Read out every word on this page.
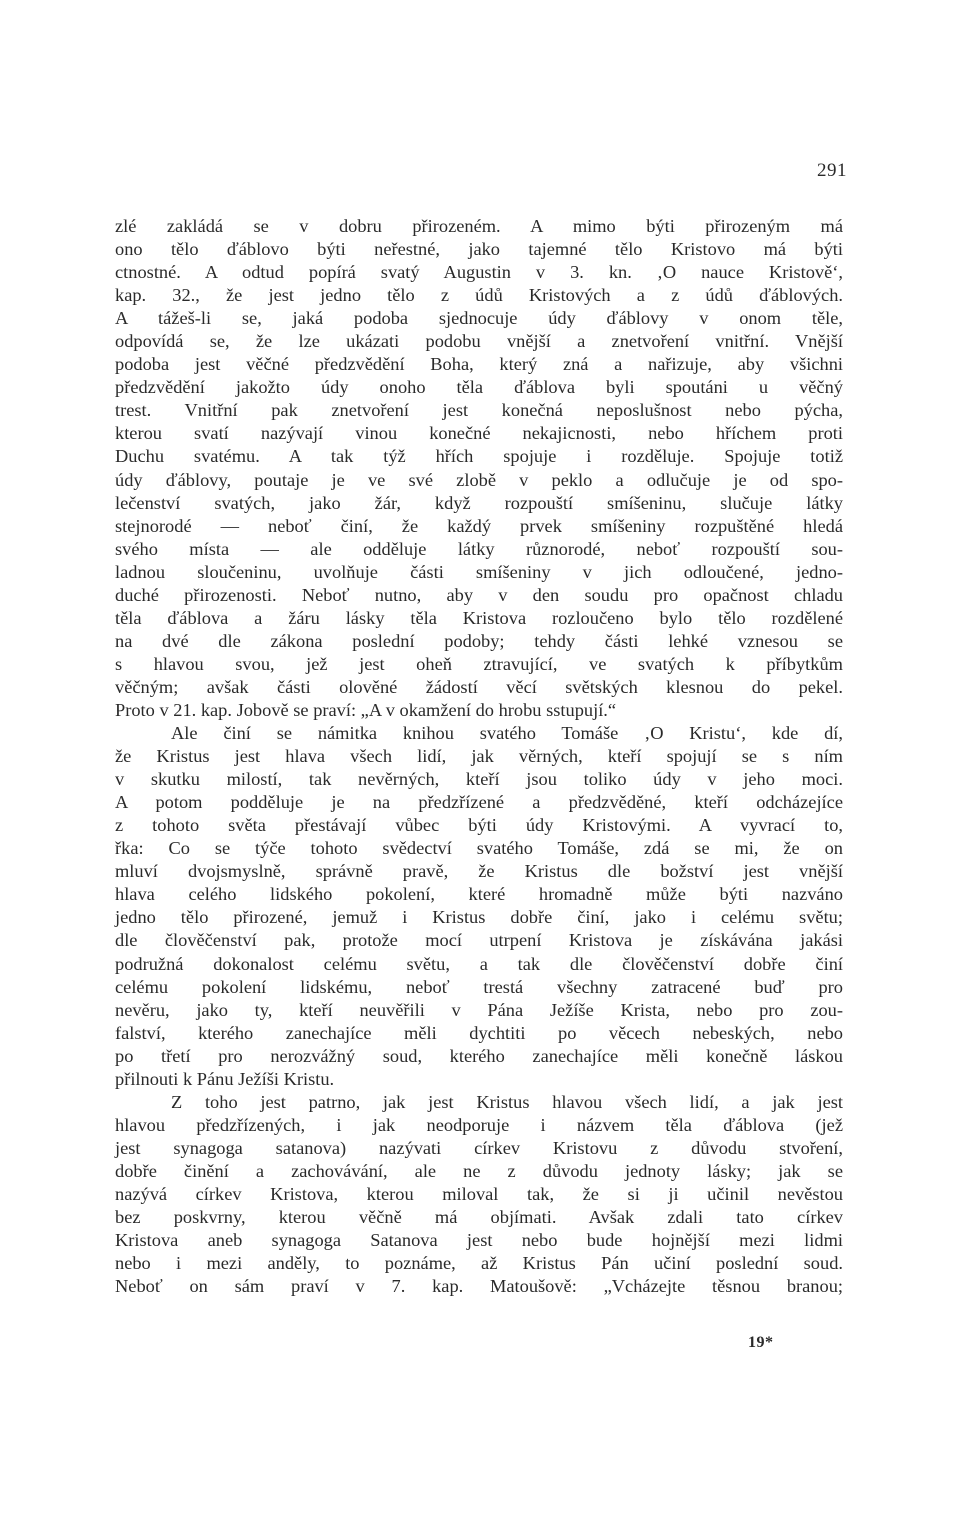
291
zlé zakládá se v dobru přirozeném. A mimo býti přirozeným má
ono tělo ďáblovo býti neřestné, jako tajemné tělo Kristovo má býti
ctnostné. A odtud popírá svatý Augustin v 3. kn. ‚O nauce Kristově‘,
kap. 32., že jest jedno tělo z údů Kristových a z údů ďáblových.
A tážeš-li se, jaká podoba sjednocuje údy ďáblovy v onom těle,
odpovídá se, že lze ukázati podobu vnější a znetvoření vnitřní. Vnější
podoba jest věčné předzvědění Boha, který zná a nařizuje, aby všichni
předzvědění jakožto údy onoho těla ďáblova byli spoutáni u věčný
trest. Vnitřní pak znetvoření jest konečná neposlušnost nebo pýcha,
kterou svatí nazývají vinou konečné nekajicnosti, nebo hříchem proti
Duchu svatému. A tak týž hřích spojuje i rozděluje. Spojuje totiž
údy ďáblovy, poutaje je ve své zlobě v peklo a odlučuje je od spo-
lečenství svatých, jako žár, když rozpouští smíšeninu, slučuje látky
stejnorodé — neboť činí, že každý prvek smíšeniny rozpuštěné hledá
svého místa — ale odděluje látky různorodé, neboť rozpouští sou-
ladnou sloučeninu, uvolňuje části smíšeniny v jich odloučené, jedno-
duché přirozenosti. Neboť nutno, aby v den soudu pro opačnost chladu
těla ďáblova a žáru lásky těla Kristova rozloučeno bylo tělo rozdělené
na dvé dle zákona poslední podoby; tehdy části lehké vznesou se
s hlavou svou, jež jest oheň ztravující, ve svatých k příbytkům
věčným; avšak části olověné žádostí věcí světských klesnou do pekel.
Proto v 21. kap. Jobově se praví: „A v okamžení do hrobu sstupují.“
Ale činí se námitka knihou svatého Tomáše ‚O Kristu‘, kde dí,
že Kristus jest hlava všech lidí, jak věrných, kteří spojují se s ním
v skutku milostí, tak nevěrných, kteří jsou toliko údy v jeho moci.
A potom podděluje je na předzřízené a předzvěděné, kteří odcházejíce
z tohoto světa přestávají vůbec býti údy Kristovými. A vyvrací to,
řka: Co se týče tohoto svědectví svatého Tomáše, zdá se mi, že on
mluví dvojsmyslně, správně pravě, že Kristus dle božství jest vnější
hlava celého lidského pokolení, které hromadně může býti nazváno
jedno tělo přirozené, jemuž i Kristus dobře činí, jako i celému světu;
dle člověčenství pak, protože mocí utrpení Kristova je získávána jakási
podružná dokonalost celému světu, a tak dle člověčenství dobře činí
celému pokolení lidskému, neboť trestá všechny zatracené buď pro
nevěru, jako ty, kteří neuvěřili v Pána Ježíše Krista, nebo pro zou-
falství, kterého zanechajíce měli dychtiti po věcech nebeských, nebo
po třetí pro nerozvážný soud, kterého zanechajíce měli konečně láskou
přilnouti k Pánu Ježíši Kristu.
Z toho jest patrno, jak jest Kristus hlavou všech lidí, a jak jest
hlavou předzřízených, i jak neodporuje i názvem těla ďáblova (jež
jest synagoga satanova) nazývati církev Kristovu z důvodu stvoření,
dobře činění a zachovávání, ale ne z důvodu jednoty lásky; jak se
nazývá církev Kristova, kterou miloval tak, že si ji učinil nevěstou
bez poskvrny, kterou věčně má objímati. Avšak zdali tato církev
Kristova aneb synagoga Satanova jest nebo bude hojnější mezi lidmi
nebo i mezi anděly, to poznáme, až Kristus Pán učiní poslední soud.
Neboť on sám praví v 7. kap. Matoušově: „Vcházejte těsnou branou;
19*
